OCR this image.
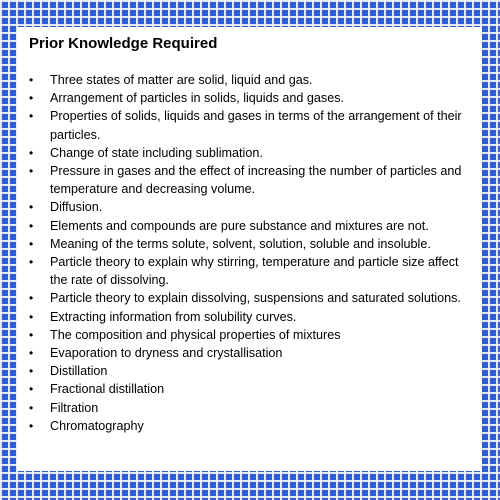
Prior Knowledge Required
• Three states of matter are solid, liquid and gas.
• Arrangement of particles in solids, liquids and gases.
• Properties of solids, liquids and gases in terms of the arrangement of their particles.
• Change of state including sublimation.
• Pressure in gases and the effect of increasing the number of particles and temperature and decreasing volume.
• Diffusion.
• Elements and compounds are pure substance and mixtures are not.
• Meaning of the terms solute, solvent, solution, soluble and insoluble.
• Particle theory to explain why stirring, temperature and particle size affect the rate of dissolving.
• Particle theory to explain dissolving, suspensions and saturated solutions.
• Extracting information from solubility curves.
• The composition and physical properties of mixtures
• Evaporation to dryness and crystallisation
• Distillation
• Fractional distillation
• Filtration
• Chromatography
